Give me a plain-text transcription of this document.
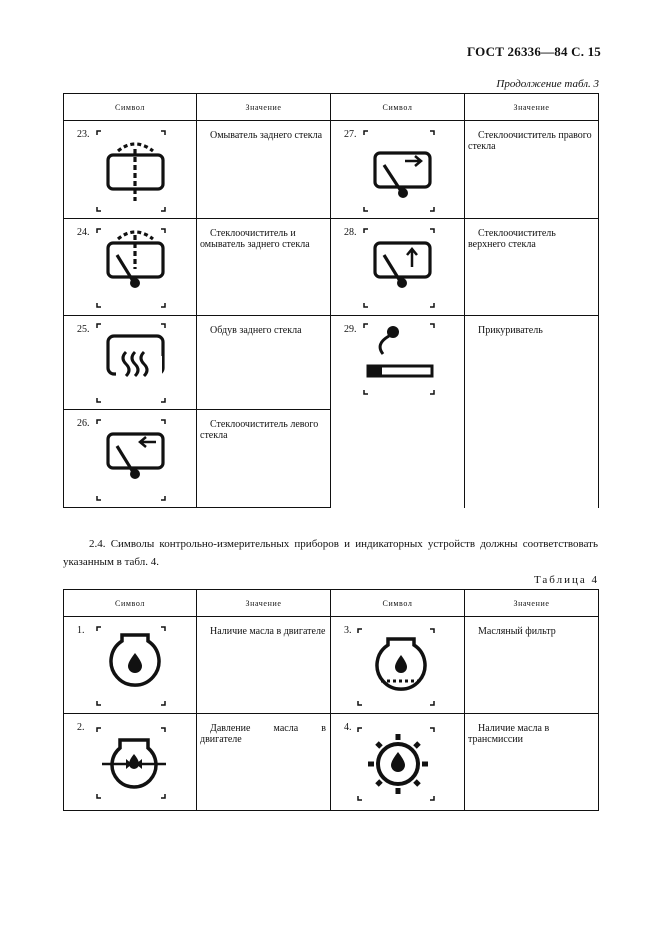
ГОСТ 26336—84 С. 15
Продолжение табл. 3
Символ	Значение	Символ	Значение

23.	Омыватель заднего стекла	27.	Стеклоочиститель правого стекла

24.	Стеклоочиститель и омыватель заднего стекла	28.	Стеклоочиститель верхнего стекла

25.	Обдув заднего стекла	29.	Прикуриватель

26.	Стеклоочиститель левого стекла		
2.4. Символы контрольно-измерительных приборов и индикаторных устройств должны соответствовать указанным в табл. 4.
Таблица 4
Символ	Значение	Символ	Значение

1.	Наличие масла в двигателе	3.	Масляный фильтр

2.	Давление масла в двигателе	4.	Наличие масла в трансмиссии
